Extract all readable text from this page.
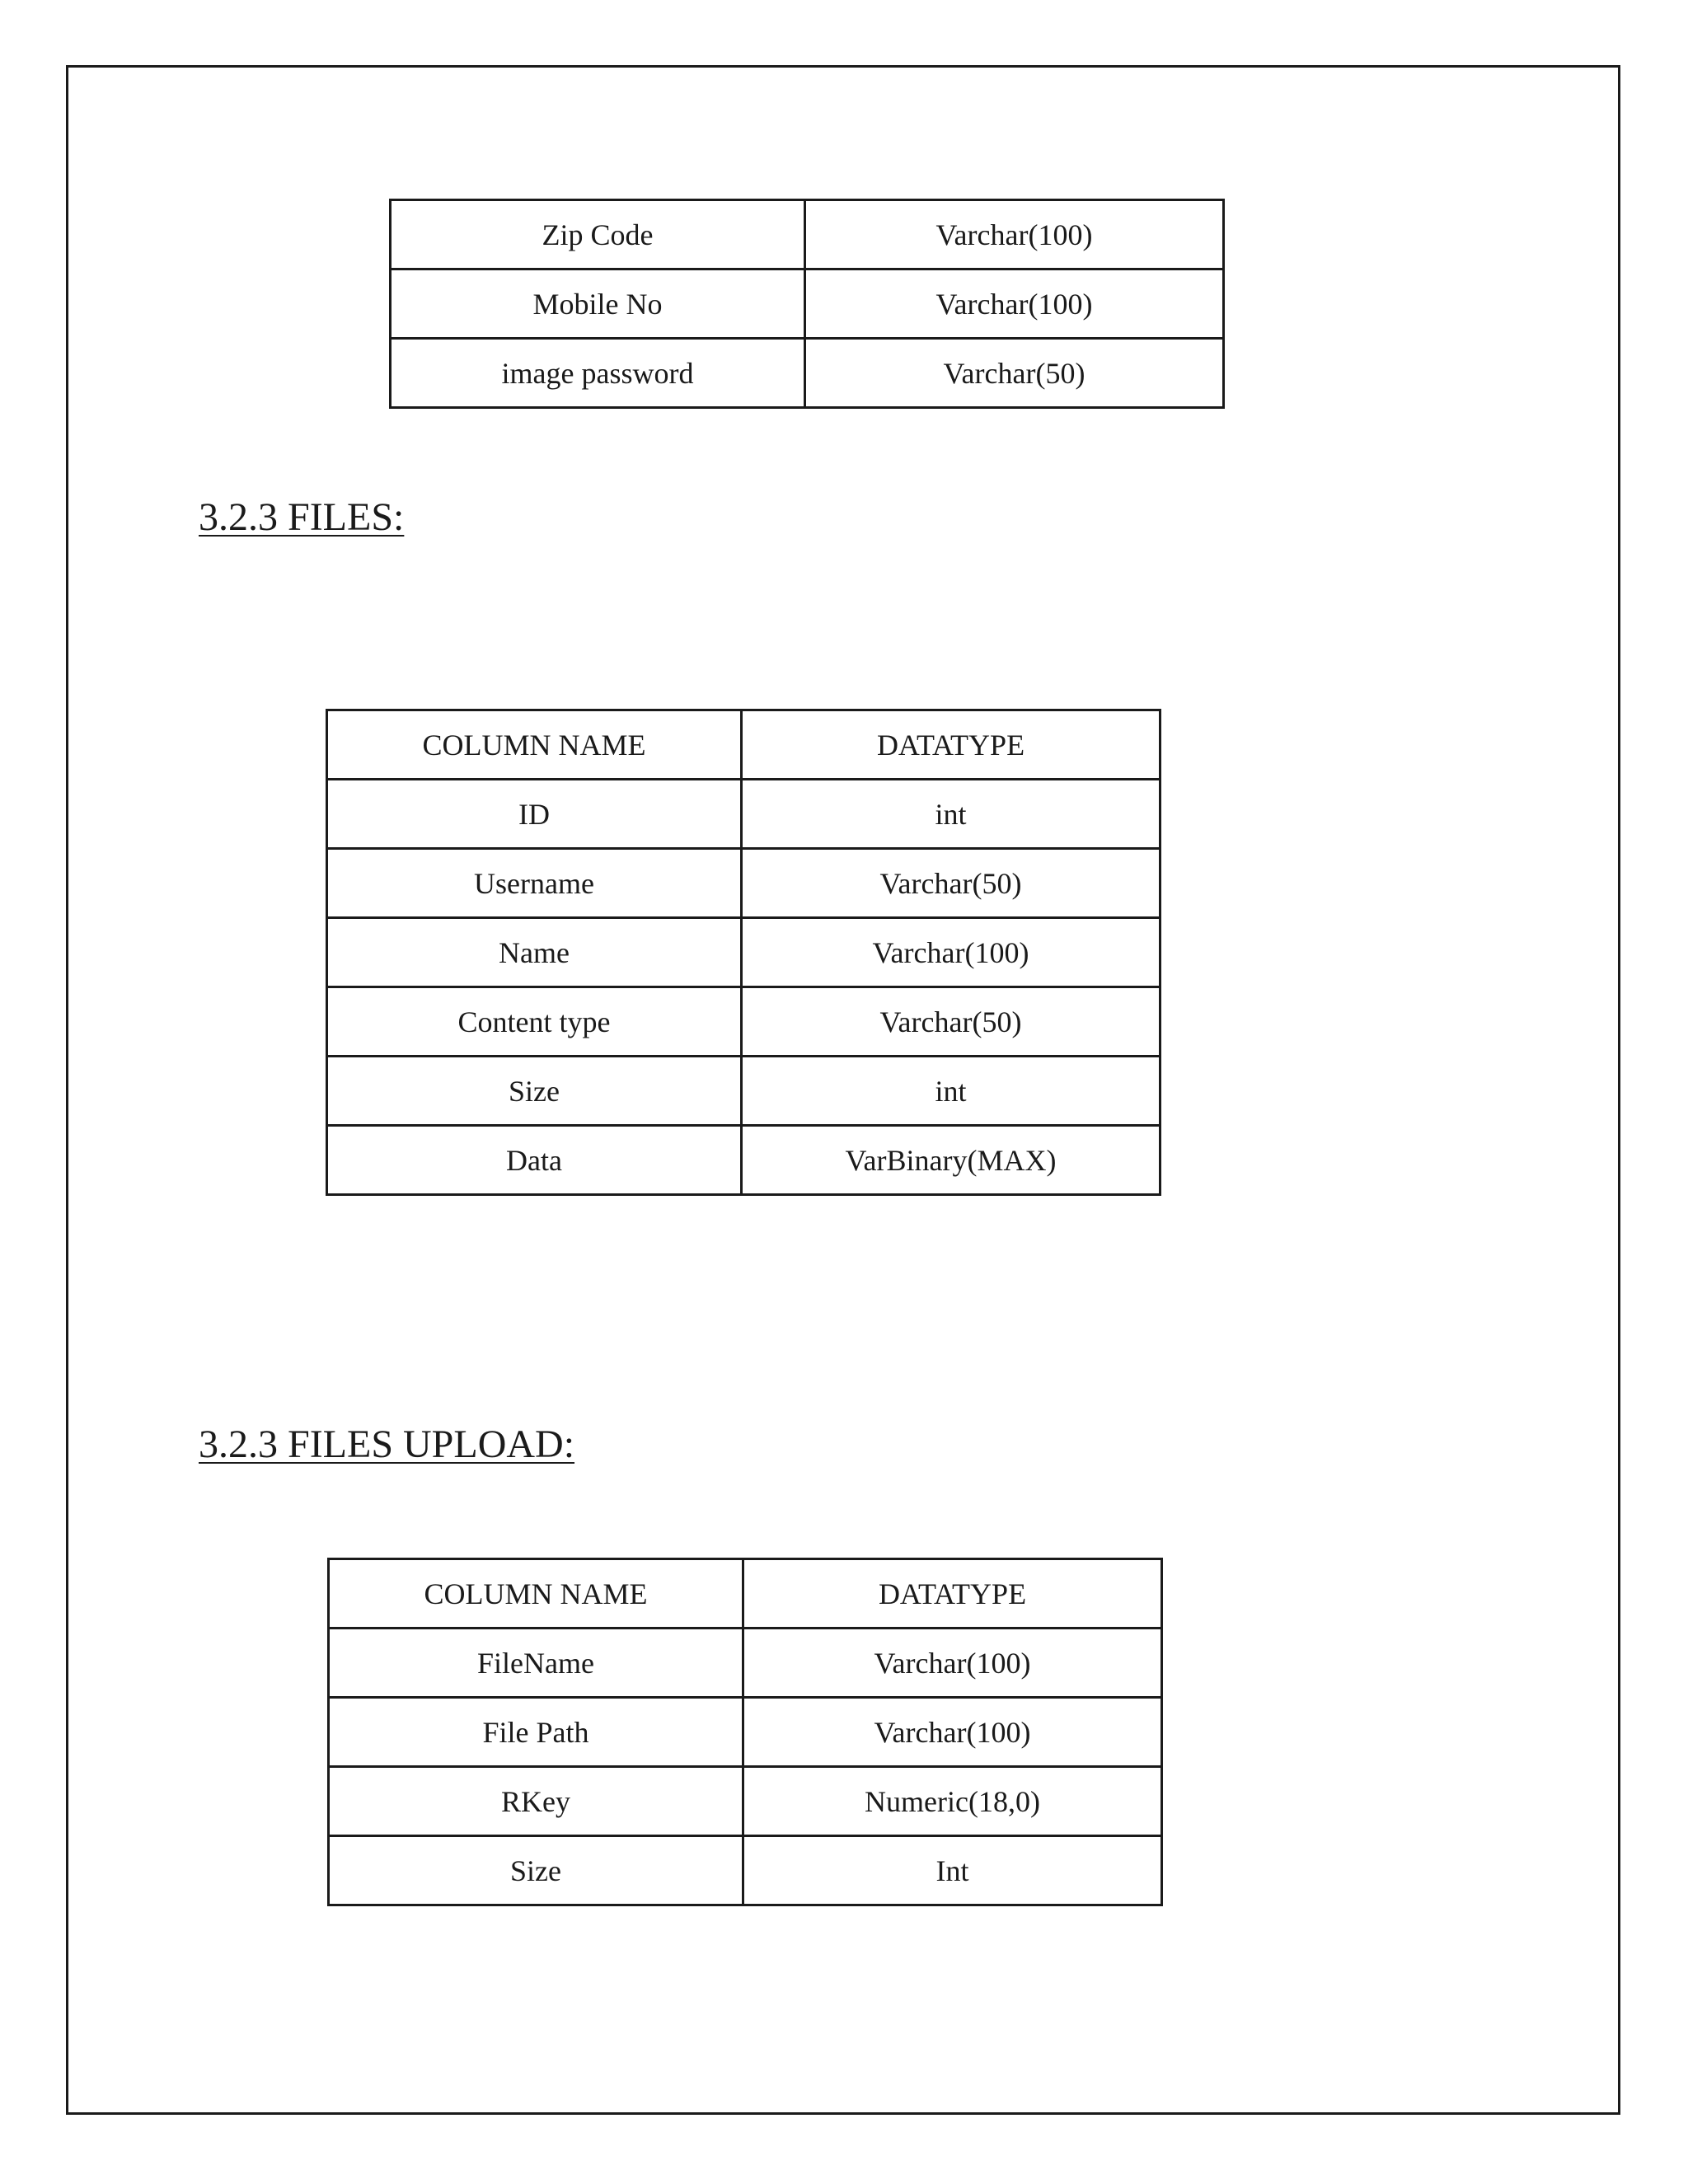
Zip Code	Varchar(100)
Mobile No	Varchar(100)
image password	Varchar(50)
3.2.3 FILES:
COLUMN NAME	DATATYPE
ID	int
Username	Varchar(50)
Name	Varchar(100)
Content type	Varchar(50)
Size	int
Data	VarBinary(MAX)
3.2.3 FILES UPLOAD:
COLUMN NAME	DATATYPE
FileName	Varchar(100)
File Path	Varchar(100)
RKey	Numeric(18,0)
Size	Int
